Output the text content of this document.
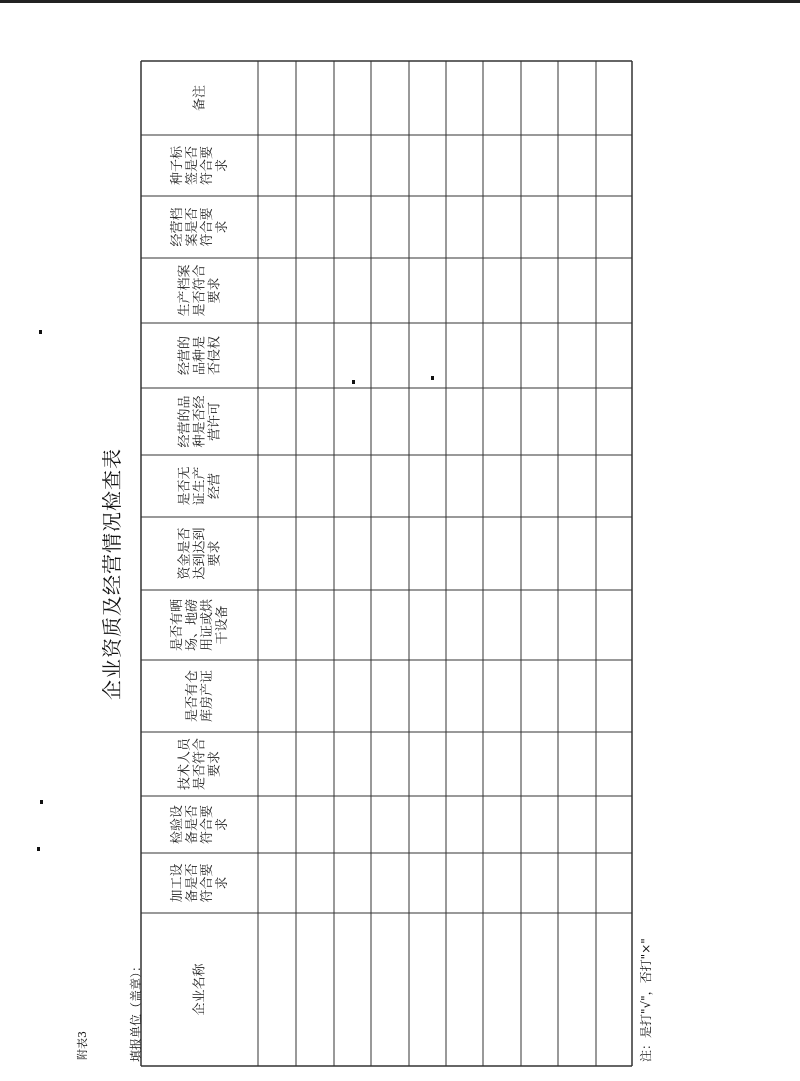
企业资质及经营情况检查表
附表3	填报单位（盖章）：	注：是打"√"，否打"×"
企业名称
加工设 备是否 符合要 求
检验设 备是否 符合要 求
技术人员 是否符合 要求
是否有仓 库房产证
是否有晒 场、地磅 用证或烘 干设备
资金是否 达到达到 要求
是否无 证生产 经营
经营的品 种是否经 营许可
经营的 品种是 否侵权
生产档案 是否符合 要求
经营档 案是否 符合要 求
种子标 签是否 符合要 求
备注
